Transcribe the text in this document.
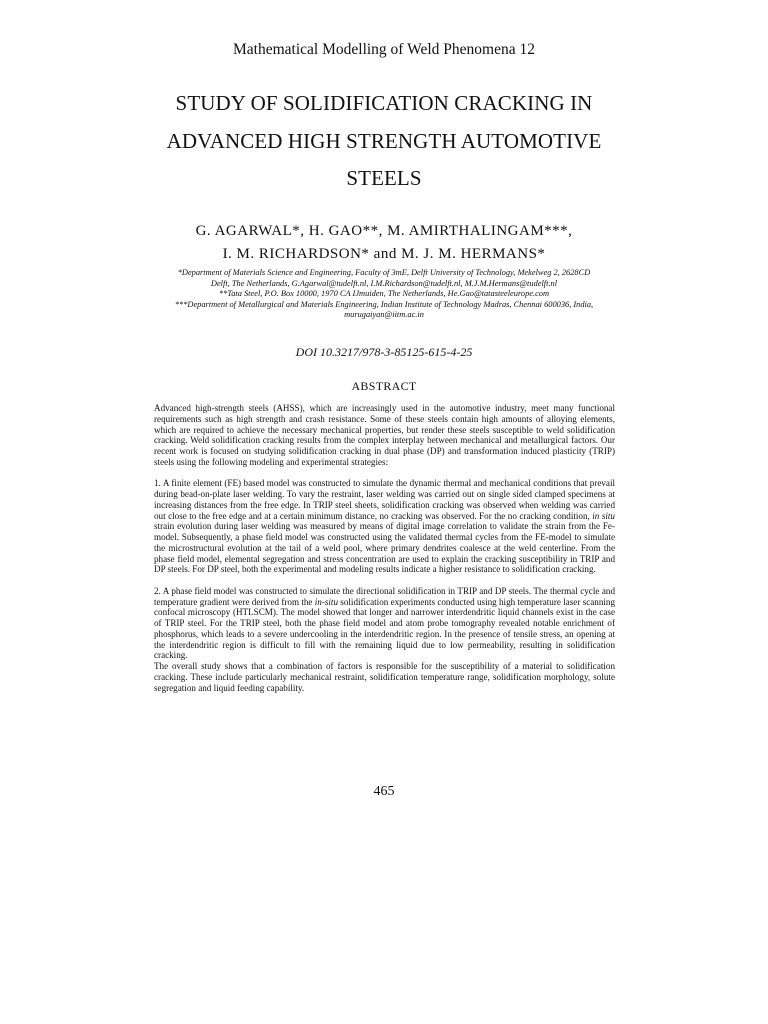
Mathematical Modelling of Weld Phenomena 12
STUDY OF SOLIDIFICATION CRACKING IN
ADVANCED HIGH STRENGTH AUTOMOTIVE
STEELS
G. AGARWAL*, H. GAO**, M. AMIRTHALINGAM***,
I. M. RICHARDSON* and M. J. M. HERMANS*
*Department of Materials Science and Engineering, Faculty of 3mE, Delft University of Technology, Mekelweg 2, 2628CD
Delft, The Netherlands, G.Agarwal@tudelft.nl, I.M.Richardson@tudelft.nl, M.J.M.Hermans@tudelft.nl
**Tata Steel, P.O. Box 10000, 1970 CA IJmuiden, The Netherlands, He.Gao@tatasteeleurope.com
***Department of Metallurgical and Materials Engineering, Indian Institute of Technology Madras, Chennai 600036, India,
murugaiyan@iitm.ac.in
DOI 10.3217/978-3-85125-615-4-25
ABSTRACT

Advanced high-strength steels (AHSS), which are increasingly used in the automotive industry, meet many functional requirements such as high strength and crash resistance. Some of these steels contain high amounts of alloying elements, which are required to achieve the necessary mechanical properties, but render these steels susceptible to weld solidification cracking. Weld solidification cracking results from the complex interplay between mechanical and metallurgical factors. Our recent work is focused on studying solidification cracking in dual phase (DP) and transformation induced plasticity (TRIP) steels using the following modeling and experimental strategies:

1. A finite element (FE) based model was constructed to simulate the dynamic thermal and mechanical conditions that prevail during bead-on-plate laser welding. To vary the restraint, laser welding was carried out on single sided clamped specimens at increasing distances from the free edge. In TRIP steel sheets, solidification cracking was observed when welding was carried out close to the free edge and at a certain minimum distance, no cracking was observed. For the no cracking condition, in situ strain evolution during laser welding was measured by means of digital image correlation to validate the strain from the Fe-model. Subsequently, a phase field model was constructed using the validated thermal cycles from the FE-model to simulate the microstructural evolution at the tail of a weld pool, where primary dendrites coalesce at the weld centerline. From the phase field model, elemental segregation and stress concentration are used to explain the cracking susceptibility in TRIP and DP steels. For DP steel, both the experimental and modeling results indicate a higher resistance to solidification cracking.

2. A phase field model was constructed to simulate the directional solidification in TRIP and DP steels. The thermal cycle and temperature gradient were derived from the in-situ solidification experiments conducted using high temperature laser scanning confocal microscopy (HTLSCM). The model showed that longer and narrower interdendritic liquid channels exist in the case of TRIP steel. For the TRIP steel, both the phase field model and atom probe tomography revealed notable enrichment of phosphorus, which leads to a severe undercooling in the interdendritic region. In the presence of tensile stress, an opening at the interdendritic region is difficult to fill with the remaining liquid due to low permeability, resulting in solidification cracking.

The overall study shows that a combination of factors is responsible for the susceptibility of a material to solidification cracking. These include particularly mechanical restraint, solidification temperature range, solidification morphology, solute segregation and liquid feeding capability.

465
